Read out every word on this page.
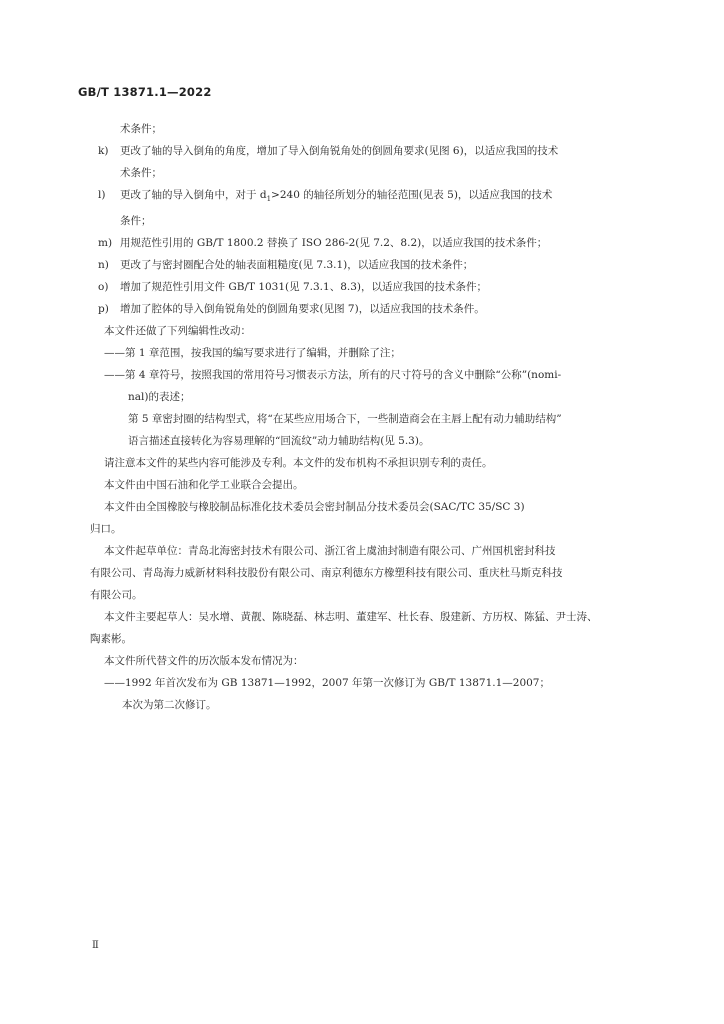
GB/T 13871.1—2022
术条件；
k)	更改了轴的导入倒角的角度，增加了导入倒角锐角处的倒圆角要求(见图 6)，以适应我国的技术
术条件；
l)	更改了轴的导入倒角中，对于 $d_1>240$ 的轴径所划分的轴径范围(见表 5)，以适应我国的技术
条件；
m) 用规范性引用的 GB/T 1800.2 替换了 ISO 286-2(见 7.2、8.2)，以适应我国的技术条件；
n)	更改了与密封圈配合处的轴表面粗糙度(见 7.3.1)，以适应我国的技术条件；
o)	增加了规范性引用文件 GB/T 1031(见 7.3.1、8.3)，以适应我国的技术条件；
p)	增加了腔体的导入倒角锐角处的倒圆角要求(见图 7)，以适应我国的技术条件。
本文件还做了下列编辑性改动：
——第 1 章范围，按我国的编写要求进行了编辑，并删除了注；
——第 4 章符号，按照我国的常用符号习惯表示方法，所有的尺寸符号的含义中删除“公称”(nomi-
nal)的表述；
第 5 章密封圈的结构型式，将“在某些应用场合下，一些制造商会在主唇上配有动力辅助结构”
语言描述直接转化为容易理解的“回流纹”动力辅助结构(见 5.3)。
请注意本文件的某些内容可能涉及专利。本文件的发布机构不承担识别专利的责任。
本文件由中国石油和化学工业联合会提出。
本文件由全国橡胶与橡胶制品标准化技术委员会密封制品分技术委员会(SAC/TC 35/SC 3)
归口。
本文件起草单位：青岛北海密封技术有限公司、浙江省上虞油封制造有限公司、广州国机密封科技
有限公司、青岛海力威新材料科技股份有限公司、南京利德东方橡塑科技有限公司、重庆杜马斯克科技
有限公司。
本文件主要起草人：吴水增、黄靓、陈晓磊、林志明、董建军、杜长春、殷建新、方历权、陈猛、尹士涛、
陶素彬。
本文件所代替文件的历次版本发布情况为：
——1992 年首次发布为 GB 13871—1992，2007 年第一次修订为 GB/T 13871.1—2007；
本次为第二次修订。
Ⅱ
